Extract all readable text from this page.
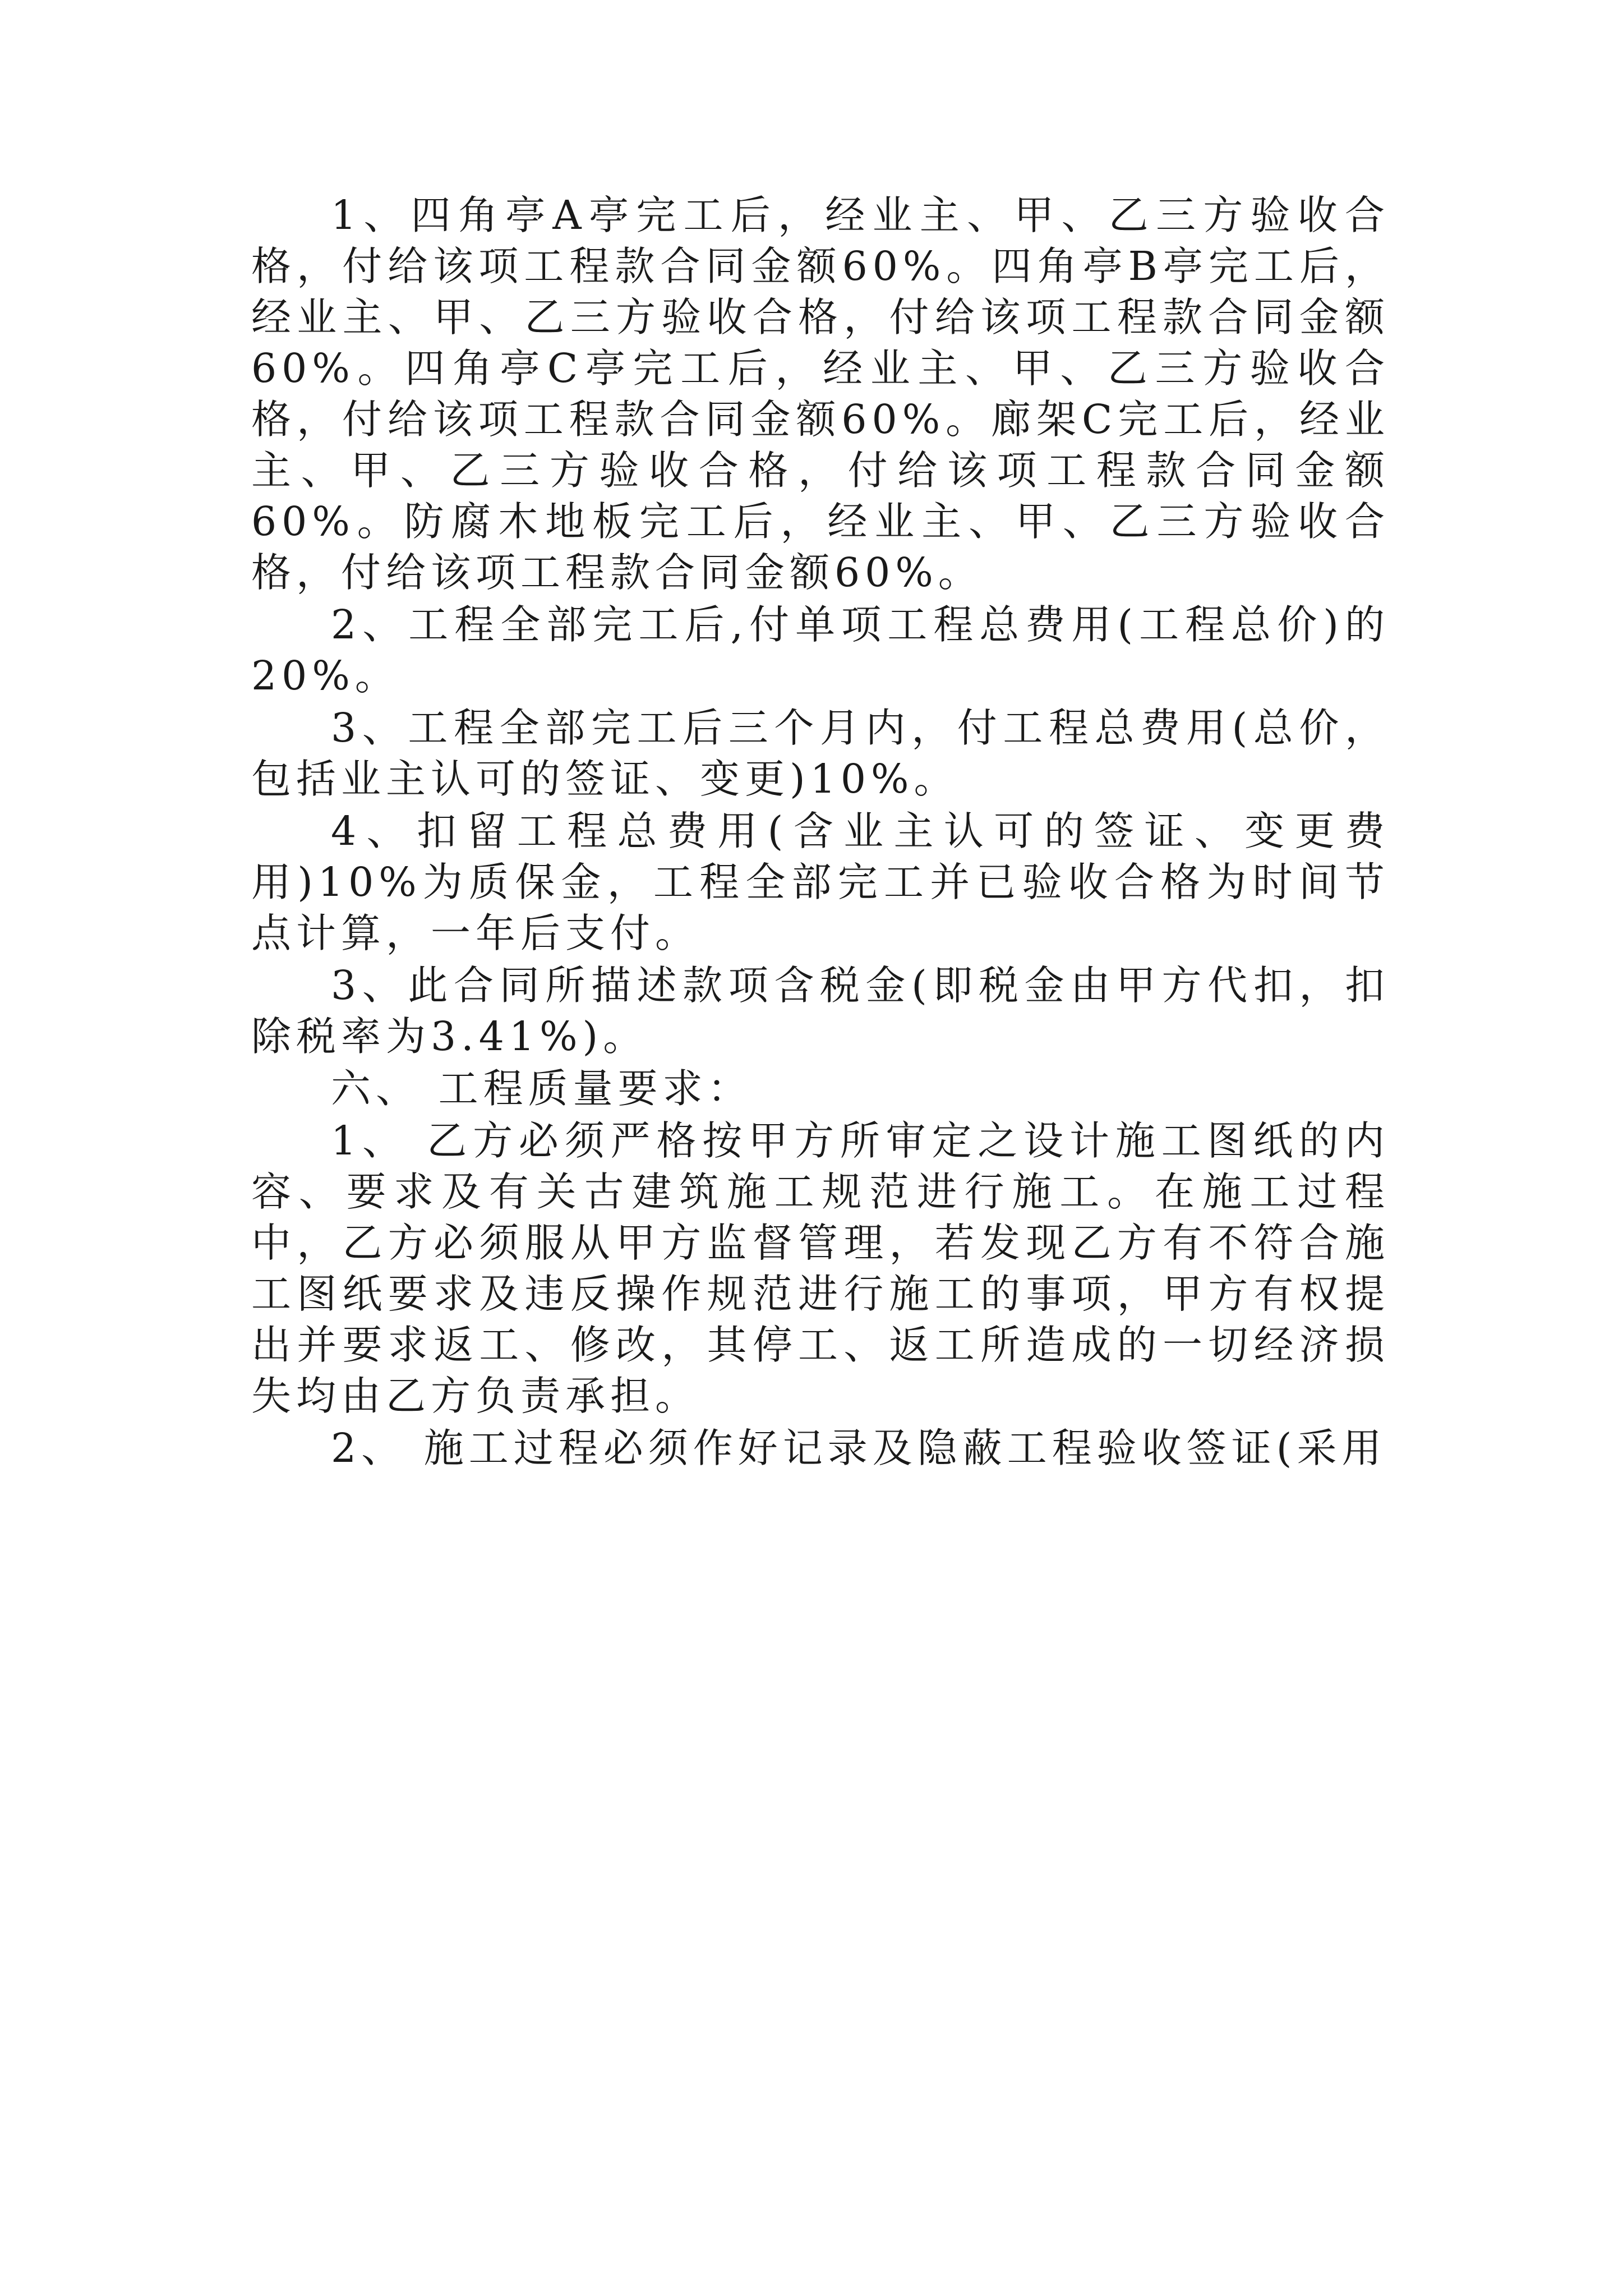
1、四角亭A亭完工后，经业主、甲、乙三方验收合格，付给该项工程款合同金额60%。四角亭B亭完工后，经业主、甲、乙三方验收合格，付给该项工程款合同金额60%。四角亭C亭完工后，经业主、甲、乙三方验收合格，付给该项工程款合同金额60%。廊架C完工后，经业主、甲、乙三方验收合格，付给该项工程款合同金额60%。防腐木地板完工后，经业主、甲、乙三方验收合格，付给该项工程款合同金额60%。

2、工程全部完工后,付单项工程总费用(工程总价)的20%。

3、工程全部完工后三个月内，付工程总费用(总价，包括业主认可的签证、变更)10%。

4、扣留工程总费用(含业主认可的签证、变更费用)10%为质保金，工程全部完工并已验收合格为时间节点计算，一年后支付。

3、此合同所描述款项含税金(即税金由甲方代扣，扣除税率为3.41%)。

六、 工程质量要求：

1、 乙方必须严格按甲方所审定之设计施工图纸的内容、要求及有关古建筑施工规范进行施工。在施工过程中，乙方必须服从甲方监督管理，若发现乙方有不符合施工图纸要求及违反操作规范进行施工的事项，甲方有权提出并要求返工、修改，其停工、返工所造成的一切经济损失均由乙方负责承担。

2、 施工过程必须作好记录及隐蔽工程验收签证(采用
